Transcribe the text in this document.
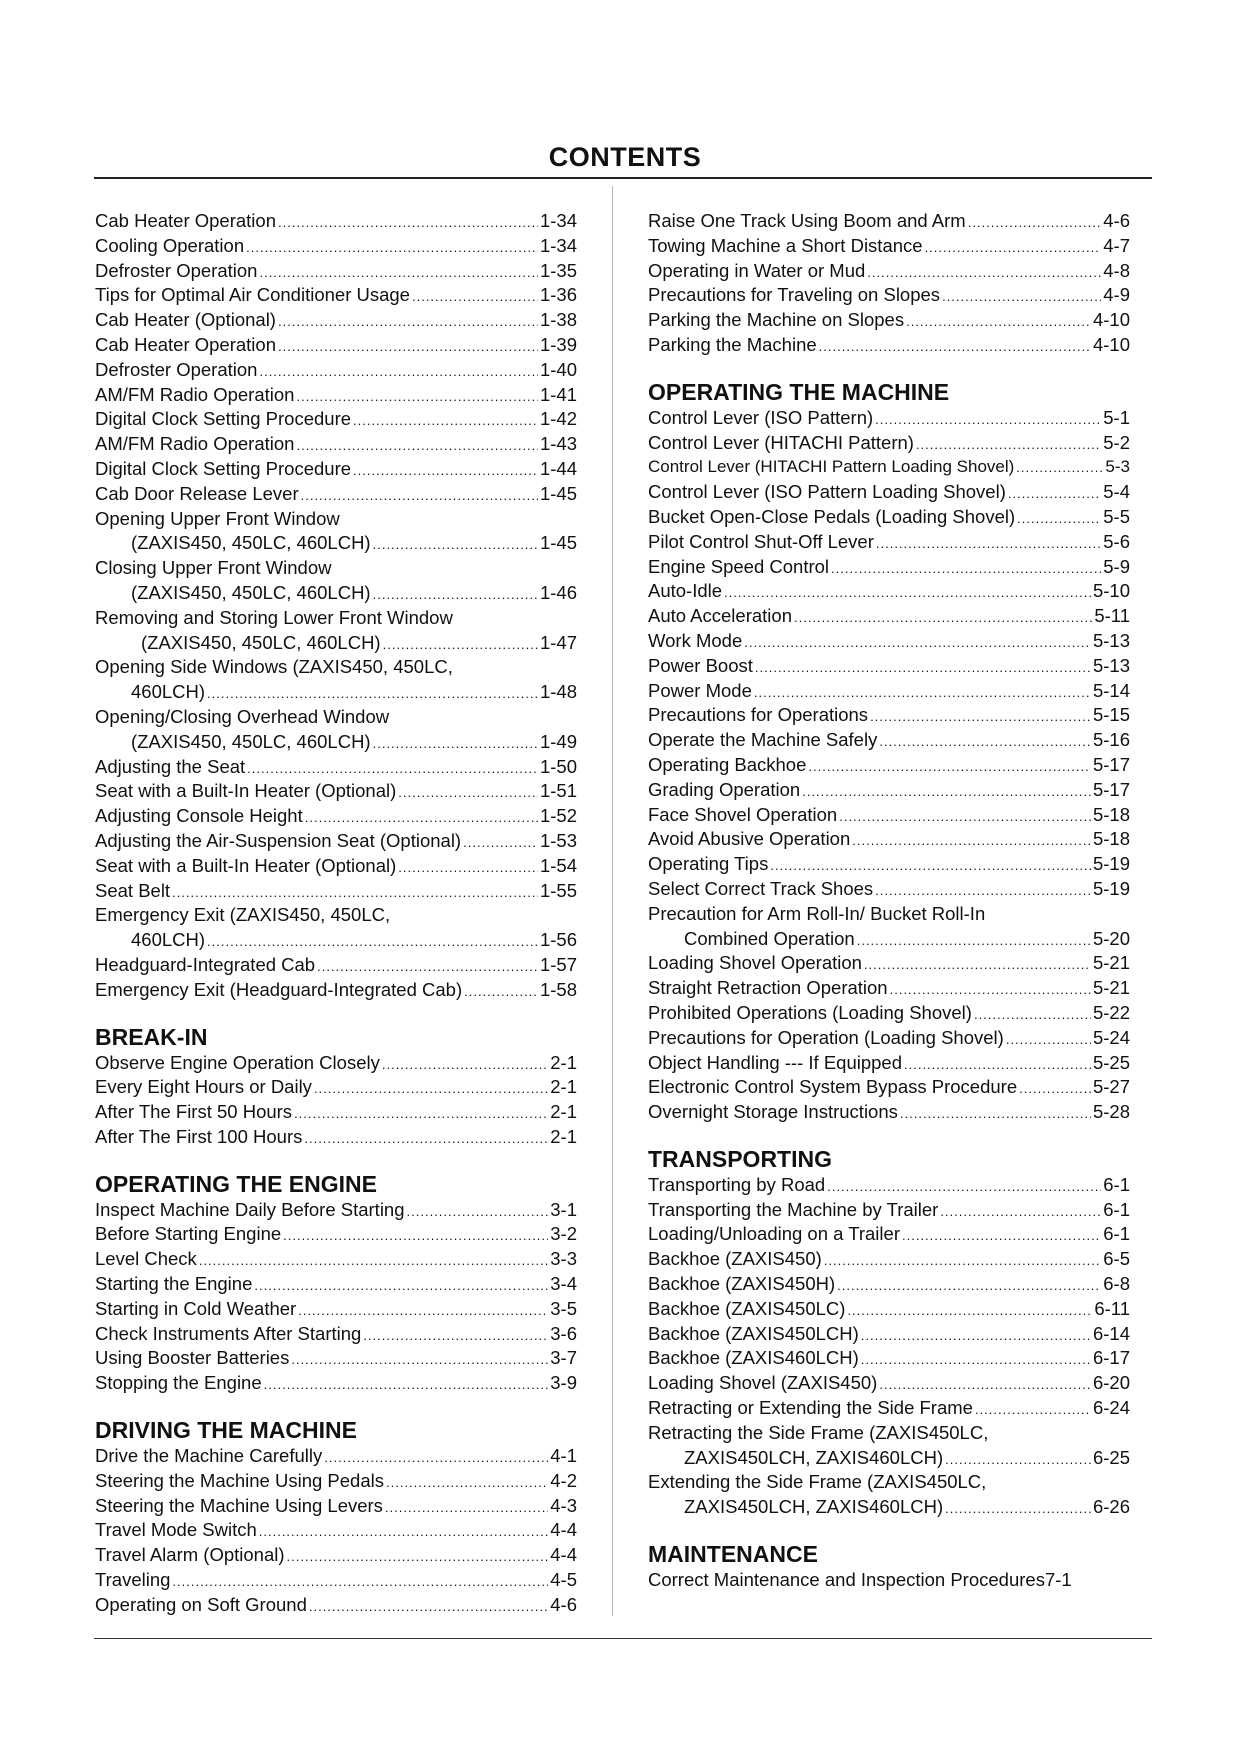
CONTENTS
Cab Heater Operation .....	1-34
Cooling Operation .....	1-34
Defroster Operation .....	1-35
Tips for Optimal Air Conditioner Usage .....	1-36
Cab Heater (Optional) .....	1-38
Cab Heater Operation .....	1-39
Defroster Operation .....	1-40
AM/FM Radio Operation .....	1-41
Digital Clock Setting Procedure .....	1-42
AM/FM Radio Operation .....	1-43
Digital Clock Setting Procedure .....	1-44
Cab Door Release Lever .....	1-45
Opening Upper Front Window
(ZAXIS450, 450LC, 460LCH) .....	1-45
Closing Upper Front Window
(ZAXIS450, 450LC, 460LCH) .....	1-46
Removing and Storing Lower Front Window
(ZAXIS450, 450LC, 460LCH) .....	1-47
Opening Side Windows (ZAXIS450, 450LC,
460LCH) .....	1-48
Opening/Closing Overhead Window
(ZAXIS450, 450LC, 460LCH) .....	1-49
Adjusting the Seat .....	1-50
Seat with a Built-In Heater (Optional) .....	1-51
Adjusting Console Height .....	1-52
Adjusting the Air-Suspension Seat (Optional) .....	1-53
Seat with a Built-In Heater (Optional) .....	1-54
Seat Belt .....	1-55
Emergency Exit (ZAXIS450, 450LC,
460LCH) .....	1-56
Headguard-Integrated Cab .....	1-57
Emergency Exit (Headguard-Integrated Cab) .....	1-58
BREAK-IN
Observe Engine Operation Closely .....	2-1
Every Eight Hours or Daily .....	2-1
After The First 50 Hours .....	2-1
After The First 100 Hours .....	2-1
OPERATING THE ENGINE
Inspect Machine Daily Before Starting .....	3-1
Before Starting Engine .....	3-2
Level Check .....	3-3
Starting the Engine .....	3-4
Starting in Cold Weather .....	3-5
Check Instruments After Starting .....	3-6
Using Booster Batteries .....	3-7
Stopping the Engine .....	3-9
DRIVING THE MACHINE
Drive the Machine Carefully .....	4-1
Steering the Machine Using Pedals .....	4-2
Steering the Machine Using Levers .....	4-3
Travel Mode Switch .....	4-4
Travel Alarm (Optional) .....	4-4
Traveling .....	4-5
Operating on Soft Ground .....	4-6
Raise One Track Using Boom and Arm .....	4-6
Towing Machine a Short Distance .....	4-7
Operating in Water or Mud .....	4-8
Precautions for Traveling on Slopes .....	4-9
Parking the Machine on Slopes .....	4-10
Parking the Machine .....	4-10
OPERATING THE MACHINE
Control Lever (ISO Pattern) .....	5-1
Control Lever (HITACHI Pattern) .....	5-2
Control Lever (HITACHI Pattern Loading Shovel) .....	5-3
Control Lever (ISO Pattern Loading Shovel) .....	5-4
Bucket Open-Close Pedals (Loading Shovel) .....	5-5
Pilot Control Shut-Off Lever .....	5-6
Engine Speed Control .....	5-9
Auto-Idle .....	5-10
Auto Acceleration .....	5-11
Work Mode .....	5-13
Power Boost .....	5-13
Power Mode .....	5-14
Precautions for Operations .....	5-15
Operate the Machine Safely .....	5-16
Operating Backhoe .....	5-17
Grading Operation .....	5-17
Face Shovel Operation .....	5-18
Avoid Abusive Operation .....	5-18
Operating Tips .....	5-19
Select Correct Track Shoes .....	5-19
Precaution for Arm Roll-In/ Bucket Roll-In
Combined Operation .....	5-20
Loading Shovel Operation .....	5-21
Straight Retraction Operation .....	5-21
Prohibited Operations (Loading Shovel) .....	5-22
Precautions for Operation (Loading Shovel) .....	5-24
Object Handling --- If Equipped .....	5-25
Electronic Control System Bypass Procedure .....	5-27
Overnight Storage Instructions .....	5-28
TRANSPORTING
Transporting by Road .....	6-1
Transporting the Machine by Trailer .....	6-1
Loading/Unloading on a Trailer .....	6-1
Backhoe (ZAXIS450) .....	6-5
Backhoe (ZAXIS450H) .....	6-8
Backhoe (ZAXIS450LC) .....	6-11
Backhoe (ZAXIS450LCH) .....	6-14
Backhoe (ZAXIS460LCH) .....	6-17
Loading Shovel (ZAXIS450) .....	6-20
Retracting or Extending the Side Frame .....	6-24
Retracting the Side Frame (ZAXIS450LC,
ZAXIS450LCH, ZAXIS460LCH) .....	6-25
Extending the Side Frame (ZAXIS450LC,
ZAXIS450LCH, ZAXIS460LCH) .....	6-26
MAINTENANCE
Correct Maintenance and Inspection Procedures 7-1
